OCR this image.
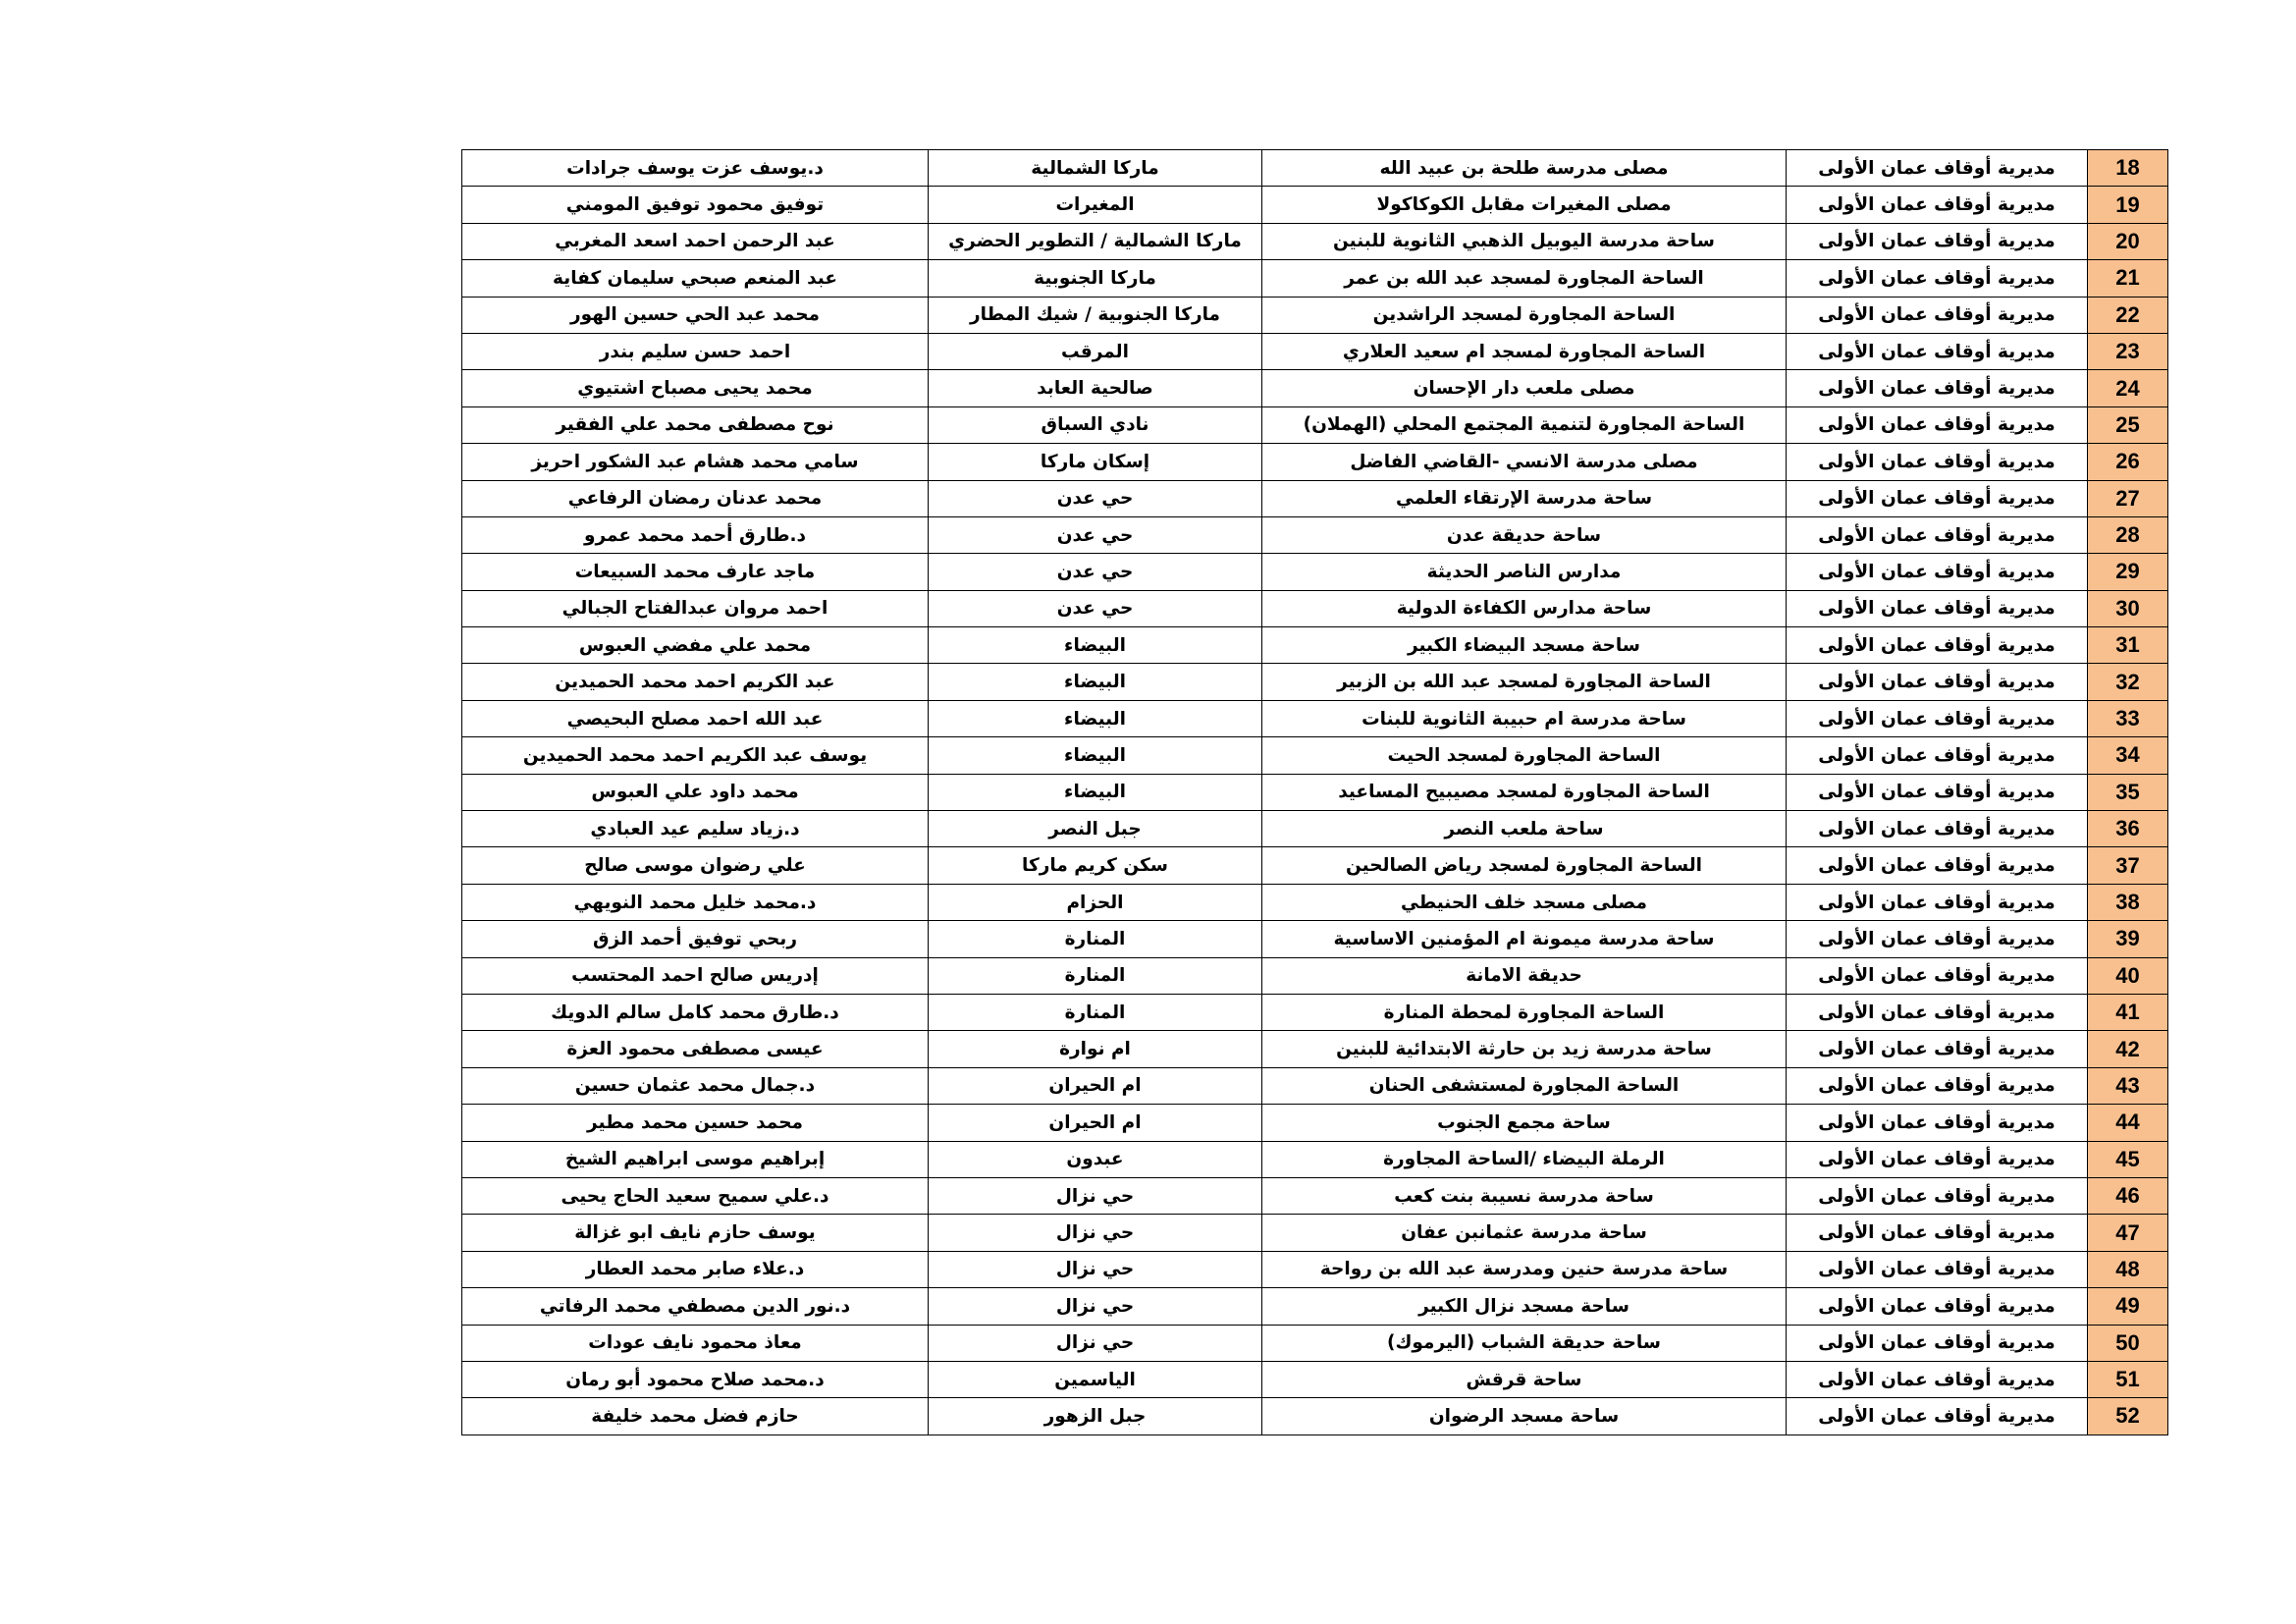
18	مديرية أوقاف عمان الأولى	مصلى مدرسة طلحة بن عبيد الله	ماركا الشمالية	د.يوسف عزت يوسف جرادات
19	مديرية أوقاف عمان الأولى	مصلى المغيرات مقابل الكوكاكولا	المغيرات	توفيق محمود توفيق المومني
20	مديرية أوقاف عمان الأولى	ساحة مدرسة اليوبيل الذهبي الثانوية للبنين	ماركا الشمالية / التطوير الحضري	عبد الرحمن احمد اسعد المغربي
21	مديرية أوقاف عمان الأولى	الساحة المجاورة لمسجد عبد الله بن عمر	ماركا الجنوبية	عبد المنعم صبحي سليمان كفاية
22	مديرية أوقاف عمان الأولى	الساحة المجاورة لمسجد الراشدين	ماركا الجنوبية / شيك المطار	محمد عبد الحي حسين الهور
23	مديرية أوقاف عمان الأولى	الساحة المجاورة لمسجد ام سعيد العلاري	المرقب	احمد حسن سليم بندر
24	مديرية أوقاف عمان الأولى	مصلى ملعب دار الإحسان	صالحية العابد	محمد يحيى مصباح اشتيوي
25	مديرية أوقاف عمان الأولى	الساحة المجاورة لتنمية المجتمع المحلي (الهملان)	نادي السباق	نوح مصطفى محمد علي الفقير
26	مديرية أوقاف عمان الأولى	مصلى مدرسة الانسي -القاضي الفاضل	إسكان ماركا	سامي محمد هشام عبد الشكور احريز
27	مديرية أوقاف عمان الأولى	ساحة مدرسة الإرتقاء العلمي	حي عدن	محمد عدنان رمضان الرفاعي
28	مديرية أوقاف عمان الأولى	ساحة حديقة عدن	حي عدن	د.طارق أحمد محمد عمرو
29	مديرية أوقاف عمان الأولى	مدارس الناصر الحديثة	حي عدن	ماجد عارف محمد السبيعات
30	مديرية أوقاف عمان الأولى	ساحة مدارس الكفاءة الدولية	حي عدن	احمد مروان عبدالفتاح الجبالي
31	مديرية أوقاف عمان الأولى	ساحة مسجد البيضاء الكبير	البيضاء	محمد علي مفضي العبوس
32	مديرية أوقاف عمان الأولى	الساحة المجاورة لمسجد عبد الله بن الزبير	البيضاء	عبد الكريم احمد محمد الحميدين
33	مديرية أوقاف عمان الأولى	ساحة مدرسة ام حبيبة الثانوية للبنات	البيضاء	عبد الله احمد مصلح البحيصي
34	مديرية أوقاف عمان الأولى	الساحة المجاورة لمسجد الحيت	البيضاء	يوسف عبد الكريم احمد محمد الحميدين
35	مديرية أوقاف عمان الأولى	الساحة المجاورة لمسجد مصيبيح المساعيد	البيضاء	محمد داود علي العبوس
36	مديرية أوقاف عمان الأولى	ساحة ملعب النصر	جبل النصر	د.زياد سليم عيد العبادي
37	مديرية أوقاف عمان الأولى	الساحة المجاورة لمسجد رياض الصالحين	سكن كريم ماركا	علي رضوان موسى صالح
38	مديرية أوقاف عمان الأولى	مصلى مسجد خلف الحنيطي	الحزام	د.محمد خليل محمد النويهي
39	مديرية أوقاف عمان الأولى	ساحة مدرسة ميمونة ام المؤمنين الاساسية	المنارة	ربحي توفيق أحمد الزق
40	مديرية أوقاف عمان الأولى	حديقة الامانة	المنارة	إدريس صالح احمد المحتسب
41	مديرية أوقاف عمان الأولى	الساحة المجاورة لمحطة المنارة	المنارة	د.طارق محمد كامل سالم الدويك
42	مديرية أوقاف عمان الأولى	ساحة مدرسة زيد بن حارثة الابتدائية للبنين	ام نوارة	عيسى مصطفى محمود العزة
43	مديرية أوقاف عمان الأولى	الساحة المجاورة لمستشفى الحنان	ام الحيران	د.جمال محمد عثمان حسين
44	مديرية أوقاف عمان الأولى	ساحة مجمع الجنوب	ام الحيران	محمد حسين محمد مطير
45	مديرية أوقاف عمان الأولى	الرملة البيضاء /الساحة المجاورة	عبدون	إبراهيم موسى ابراهيم الشيخ
46	مديرية أوقاف عمان الأولى	ساحة مدرسة نسيبة بنت كعب	حي نزال	د.علي سميح سعيد الحاج يحيى
47	مديرية أوقاف عمان الأولى	ساحة مدرسة عثمانبن عفان	حي نزال	يوسف حازم نايف ابو غزالة
48	مديرية أوقاف عمان الأولى	ساحة مدرسة حنين ومدرسة عبد الله بن رواحة	حي نزال	د.علاء صابر محمد العطار
49	مديرية أوقاف عمان الأولى	ساحة مسجد نزال الكبير	حي نزال	د.نور الدين مصطفي محمد الرفاتي
50	مديرية أوقاف عمان الأولى	ساحة حديقة الشباب (اليرموك)	حي نزال	معاذ محمود نايف عودات
51	مديرية أوقاف عمان الأولى	ساحة قرقش	الياسمين	د.محمد صلاح محمود أبو رمان
52	مديرية أوقاف عمان الأولى	ساحة مسجد الرضوان	جبل الزهور	حازم فضل محمد خليفة
